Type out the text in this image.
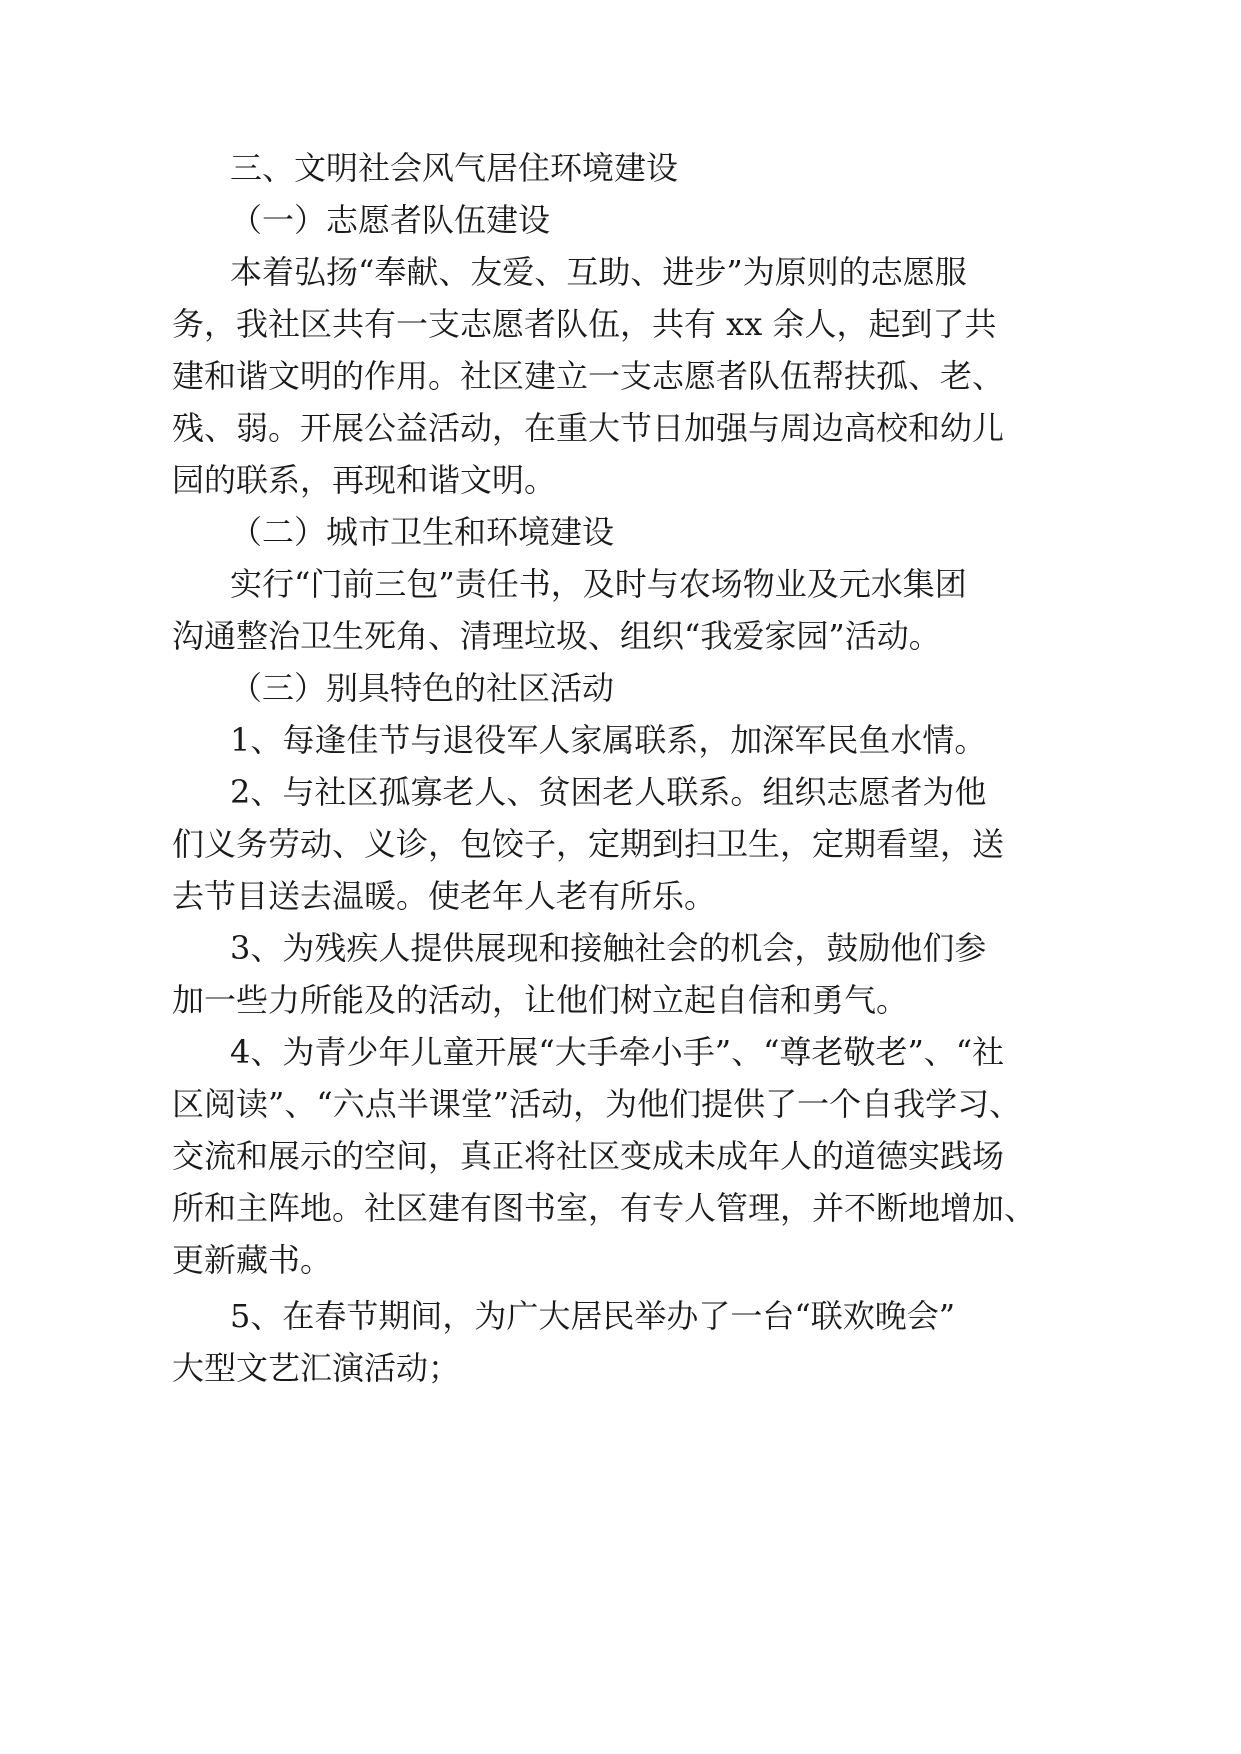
三、文明社会风气居住环境建设
（一）志愿者队伍建设
本着弘扬“奉献、友爱、互助、进步”为原则的志愿服
务，我社区共有一支志愿者队伍，共有 xx 余人，起到了共
建和谐文明的作用。社区建立一支志愿者队伍帮扶孤、老、
残、弱。开展公益活动，在重大节日加强与周边高校和幼儿
园的联系，再现和谐文明。
（二）城市卫生和环境建设
实行“门前三包”责任书，及时与农场物业及元水集团
沟通整治卫生死角、清理垃圾、组织“我爱家园”活动。
（三）别具特色的社区活动
1、每逢佳节与退役军人家属联系，加深军民鱼水情。
2、与社区孤寡老人、贫困老人联系。组织志愿者为他
们义务劳动、义诊，包饺子，定期到扫卫生，定期看望，送
去节目送去温暖。使老年人老有所乐。
3、为残疾人提供展现和接触社会的机会，鼓励他们参
加一些力所能及的活动，让他们树立起自信和勇气。
4、为青少年儿童开展“大手牵小手”、“尊老敬老”、“社
区阅读”、“六点半课堂”活动，为他们提供了一个自我学习、
交流和展示的空间，真正将社区变成未成年人的道德实践场
所和主阵地。社区建有图书室，有专人管理，并不断地增加、
更新藏书。
5、在春节期间，为广大居民举办了一台“联欢晚会”
大型文艺汇演活动；
